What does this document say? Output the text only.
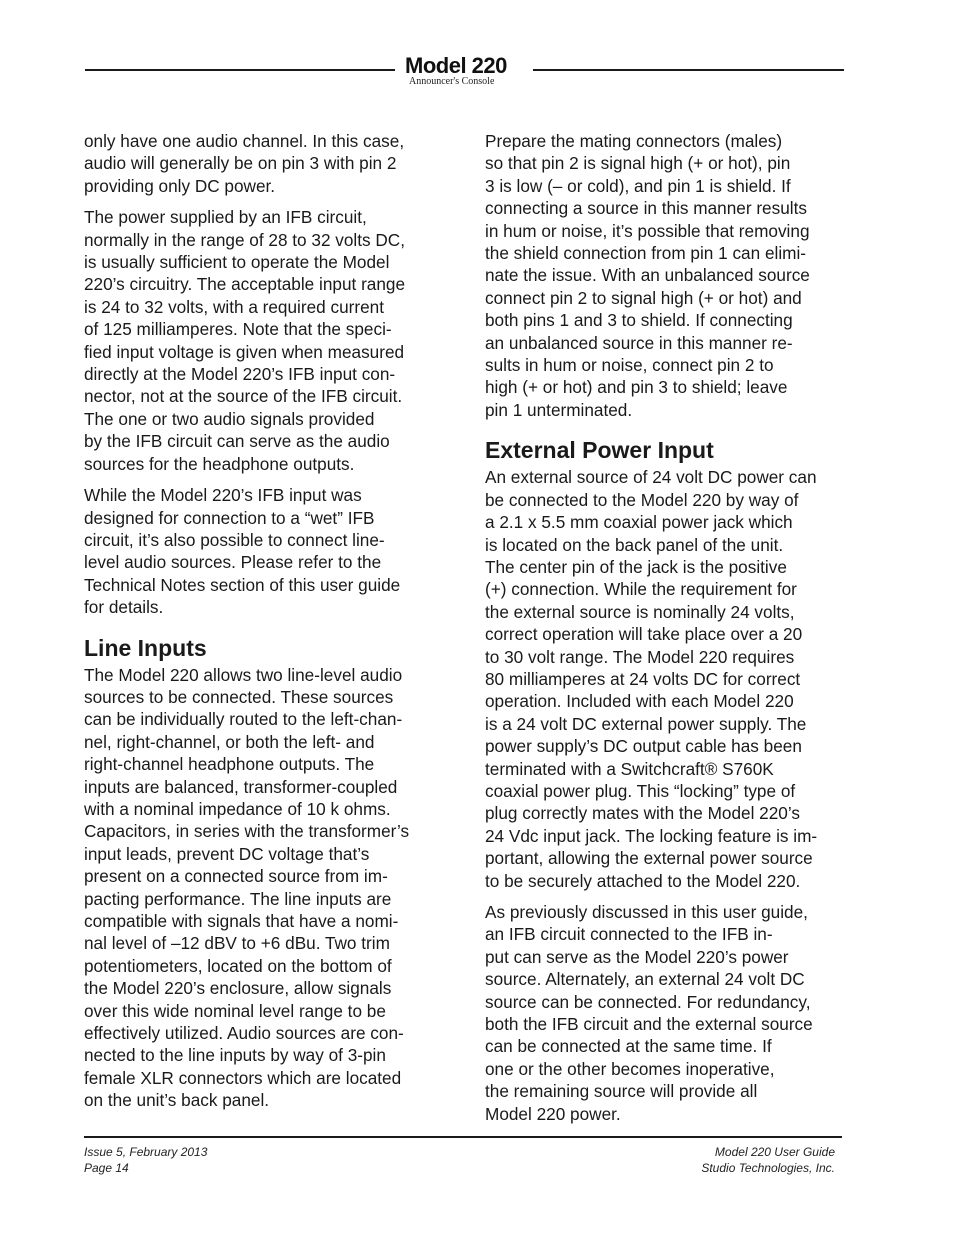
Model 220
Announcer's Console

only have one audio channel. In this case,
audio will generally be on pin 3 with pin 2
providing only DC power.

The power supplied by an IFB circuit,
normally in the range of 28 to 32 volts DC,
is usually sufficient to operate the Model
220’s circuitry. The acceptable input range
is 24 to 32 volts, with a required current
of 125 milliamperes. Note that the speci-
fied input voltage is given when measured
directly at the Model 220’s IFB input con-
nector, not at the source of the IFB circuit.
The one or two audio signals provided
by the IFB circuit can serve as the audio
sources for the headphone outputs.

While the Model 220’s IFB input was
designed for connection to a “wet” IFB
circuit, it’s also possible to connect line-
level audio sources. Please refer to the
Technical Notes section of this user guide
for details.

Line Inputs

The Model 220 allows two line-level audio
sources to be connected. These sources
can be individually routed to the left-chan-
nel, right-channel, or both the left- and
right-channel headphone outputs. The
inputs are balanced, transformer-coupled
with a nominal impedance of 10 k ohms.
Capacitors, in series with the transformer’s
input leads, prevent DC voltage that’s
present on a connected source from im-
pacting performance. The line inputs are
compatible with signals that have a nomi-
nal level of –12 dBV to +6 dBu. Two trim
potentiometers, located on the bottom of
the Model 220’s enclosure, allow signals
over this wide nominal level range to be
effectively utilized. Audio sources are con-
nected to the line inputs by way of 3-pin
female XLR connectors which are located
on the unit’s back panel.

Prepare the mating connectors (males)
so that pin 2 is signal high (+ or hot), pin
3 is low (– or cold), and pin 1 is shield. If
connecting a source in this manner results
in hum or noise, it’s possible that removing
the shield connection from pin 1 can elimi-
nate the issue. With an unbalanced source
connect pin 2 to signal high (+ or hot) and
both pins 1 and 3 to shield. If connecting
an unbalanced source in this manner re-
sults in hum or noise, connect pin 2 to
high (+ or hot) and pin 3 to shield; leave
pin 1 unterminated.

External Power Input

An external source of 24 volt DC power can
be connected to the Model 220 by way of
a 2.1 x 5.5 mm coaxial power jack which
is located on the back panel of the unit.
The center pin of the jack is the positive
(+) connection. While the requirement for
the external source is nominally 24 volts,
correct operation will take place over a 20
to 30 volt range. The Model 220 requires
80 milliamperes at 24 volts DC for correct
operation. Included with each Model 220
is a 24 volt DC external power supply. The
power supply’s DC output cable has been
terminated with a Switchcraft® S760K
coaxial power plug. This “locking” type of
plug correctly mates with the Model 220’s
24 Vdc input jack. The locking feature is im-
portant, allowing the external power source
to be securely attached to the Model 220.

As previously discussed in this user guide,
an IFB circuit connected to the IFB in-
put can serve as the Model 220’s power
source. Alternately, an external 24 volt DC
source can be connected. For redundancy,
both the IFB circuit and the external source
can be connected at the same time. If
one or the other becomes inoperative,
the remaining source will provide all
Model 220 power.

Issue 5, February 2013
Page 14
Model 220 User Guide
Studio Technologies, Inc.
